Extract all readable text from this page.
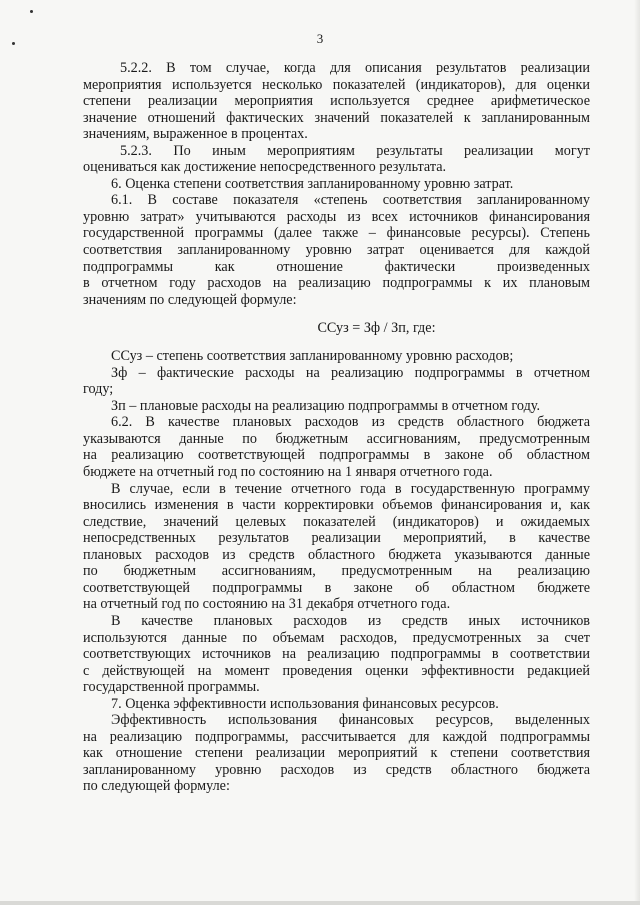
3
5.2.2. В том случае, когда для описания результатов реализации
мероприятия используется несколько показателей (индикаторов), для оценки
степени реализации мероприятия используется среднее арифметическое
значение отношений фактических значений показателей к запланированным
значениям, выраженное в процентах.
5.2.3. По иным мероприятиям результаты реализации могут
оцениваться как достижение непосредственного результата.
6. Оценка степени соответствия запланированному уровню затрат.
6.1. В составе показателя «степень соответствия запланированному
уровню затрат» учитываются расходы из всех источников финансирования
государственной программы (далее также – финансовые ресурсы). Степень
соответствия запланированному уровню затрат оценивается для каждой
подпрограммы как отношение фактически произведенных
в отчетном году расходов на реализацию подпрограммы к их плановым
значениям по следующей формуле:
ССуз = Зф / Зп, где:
ССуз – степень соответствия запланированному уровню расходов;
Зф – фактические расходы на реализацию подпрограммы в отчетном
году;
Зп – плановые расходы на реализацию подпрограммы в отчетном году.
6.2. В качестве плановых расходов из средств областного бюджета
указываются данные по бюджетным ассигнованиям, предусмотренным
на реализацию соответствующей подпрограммы в законе об областном
бюджете на отчетный год по состоянию на 1 января отчетного года.
В случае, если в течение отчетного года в государственную программу
вносились изменения в части корректировки объемов финансирования и, как
следствие, значений целевых показателей (индикаторов) и ожидаемых
непосредственных результатов реализации мероприятий, в качестве
плановых расходов из средств областного бюджета указываются данные
по бюджетным ассигнованиям, предусмотренным на реализацию
соответствующей подпрограммы в законе об областном бюджете
на отчетный год по состоянию на 31 декабря отчетного года.
В качестве плановых расходов из средств иных источников
используются данные по объемам расходов, предусмотренных за счет
соответствующих источников на реализацию подпрограммы в соответствии
с действующей на момент проведения оценки эффективности редакцией
государственной программы.
7. Оценка эффективности использования финансовых ресурсов.
Эффективность использования финансовых ресурсов, выделенных
на реализацию подпрограммы, рассчитывается для каждой подпрограммы
как отношение степени реализации мероприятий к степени соответствия
запланированному уровню расходов из средств областного бюджета
по следующей формуле:
